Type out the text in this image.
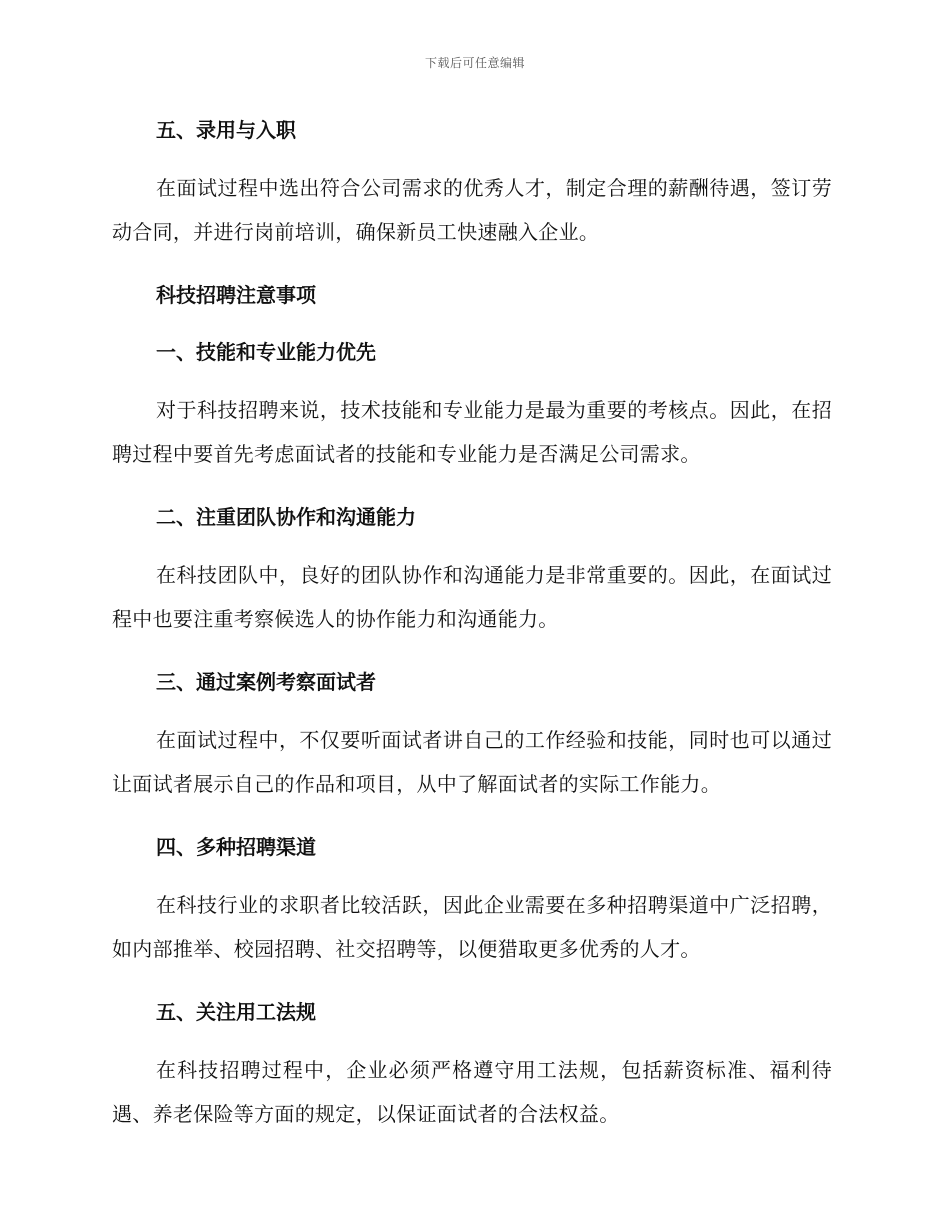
下载后可任意编辑
五、录用与入职
在面试过程中选出符合公司需求的优秀人才，制定合理的薪酬待遇，签订劳动合同，并进行岗前培训，确保新员工快速融入企业。
科技招聘注意事项
一、技能和专业能力优先
对于科技招聘来说，技术技能和专业能力是最为重要的考核点。因此，在招聘过程中要首先考虑面试者的技能和专业能力是否满足公司需求。
二、注重团队协作和沟通能力
在科技团队中，良好的团队协作和沟通能力是非常重要的。因此，在面试过程中也要注重考察候选人的协作能力和沟通能力。
三、通过案例考察面试者
在面试过程中，不仅要听面试者讲自己的工作经验和技能，同时也可以通过让面试者展示自己的作品和项目，从中了解面试者的实际工作能力。
四、多种招聘渠道
在科技行业的求职者比较活跃，因此企业需要在多种招聘渠道中广泛招聘，如内部推举、校园招聘、社交招聘等，以便猎取更多优秀的人才。
五、关注用工法规
在科技招聘过程中，企业必须严格遵守用工法规，包括薪资标准、福利待遇、养老保险等方面的规定，以保证面试者的合法权益。
